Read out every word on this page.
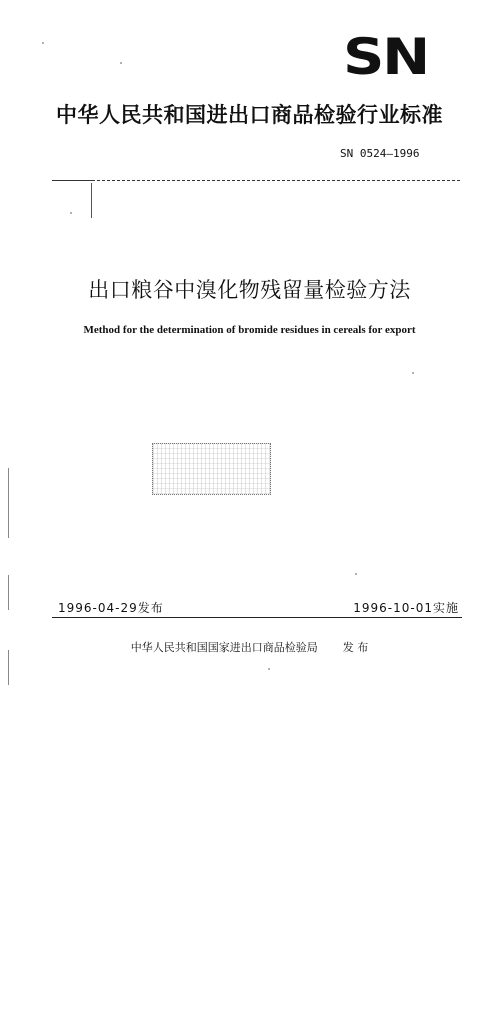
SN
中华人民共和国进出口商品检验行业标准
SN 0524—1996
出口粮谷中溴化物残留量检验方法
Method for the determination of bromide residues in cereals for export
1996-04-29发布	1996-10-01实施
中华人民共和国国家进出口商品检验局 发 布
